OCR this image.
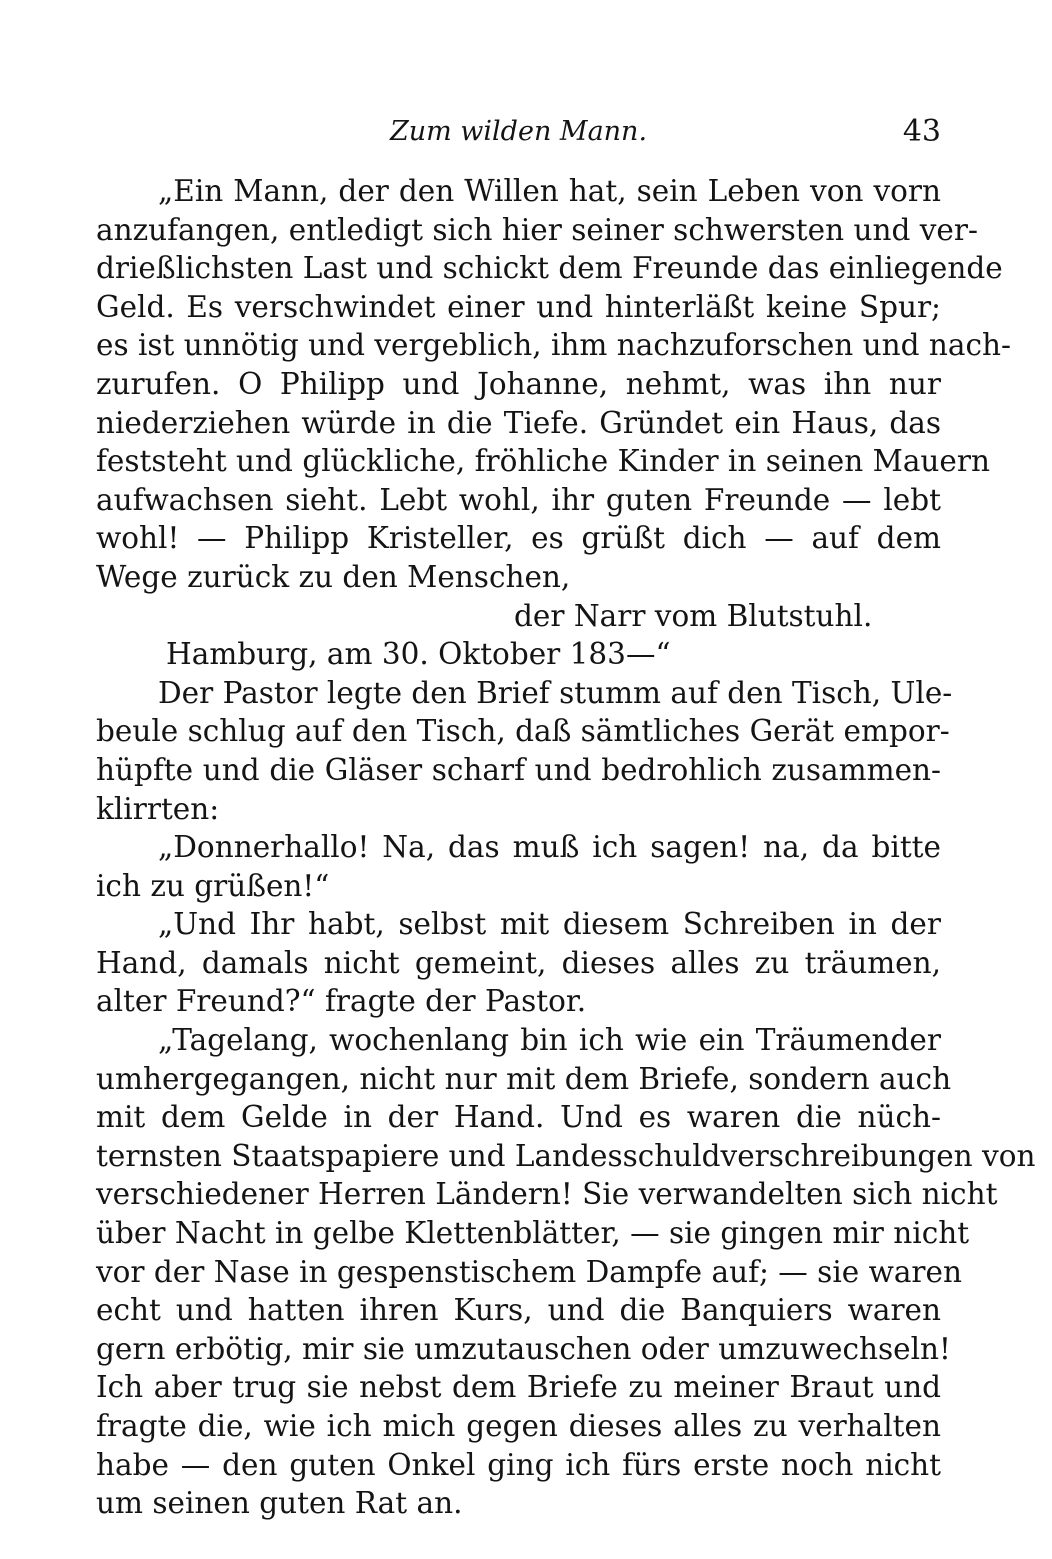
Zum wilden Mann.	43
„Ein Mann, der den Willen hat, sein Leben von vorn
anzufangen, entledigt sich hier seiner schwersten und ver-
drießlichsten Last und schickt dem Freunde das einliegende
Geld. Es verschwindet einer und hinterläßt keine Spur;
es ist unnötig und vergeblich, ihm nachzuforschen und nach-
zurufen. O Philipp und Johanne, nehmt, was ihn nur
niederziehen würde in die Tiefe. Gründet ein Haus, das
feststeht und glückliche, fröhliche Kinder in seinen Mauern
aufwachsen sieht. Lebt wohl, ihr guten Freunde — lebt
wohl! — Philipp Kristeller, es grüßt dich — auf dem
Wege zurück zu den Menschen,
der Narr vom Blutstuhl.
Hamburg, am 30. Oktober 183—“
Der Pastor legte den Brief stumm auf den Tisch, Ule-
beule schlug auf den Tisch, daß sämtliches Gerät empor-
hüpfte und die Gläser scharf und bedrohlich zusammen-
klirrten:
„Donnerhallo! Na, das muß ich sagen! na, da bitte
ich zu grüßen!“
„Und Ihr habt, selbst mit diesem Schreiben in der
Hand, damals nicht gemeint, dieses alles zu träumen,
alter Freund?“ fragte der Pastor.
„Tagelang, wochenlang bin ich wie ein Träumender
umhergegangen, nicht nur mit dem Briefe, sondern auch
mit dem Gelde in der Hand. Und es waren die nüch-
ternsten Staatspapiere und Landesschuldverschreibungen von
verschiedener Herren Ländern! Sie verwandelten sich nicht
über Nacht in gelbe Klettenblätter, — sie gingen mir nicht
vor der Nase in gespenstischem Dampfe auf; — sie waren
echt und hatten ihren Kurs, und die Banquiers waren
gern erbötig, mir sie umzutauschen oder umzuwechseln!
Ich aber trug sie nebst dem Briefe zu meiner Braut und
fragte die, wie ich mich gegen dieses alles zu verhalten
habe — den guten Onkel ging ich fürs erste noch nicht
um seinen guten Rat an.
